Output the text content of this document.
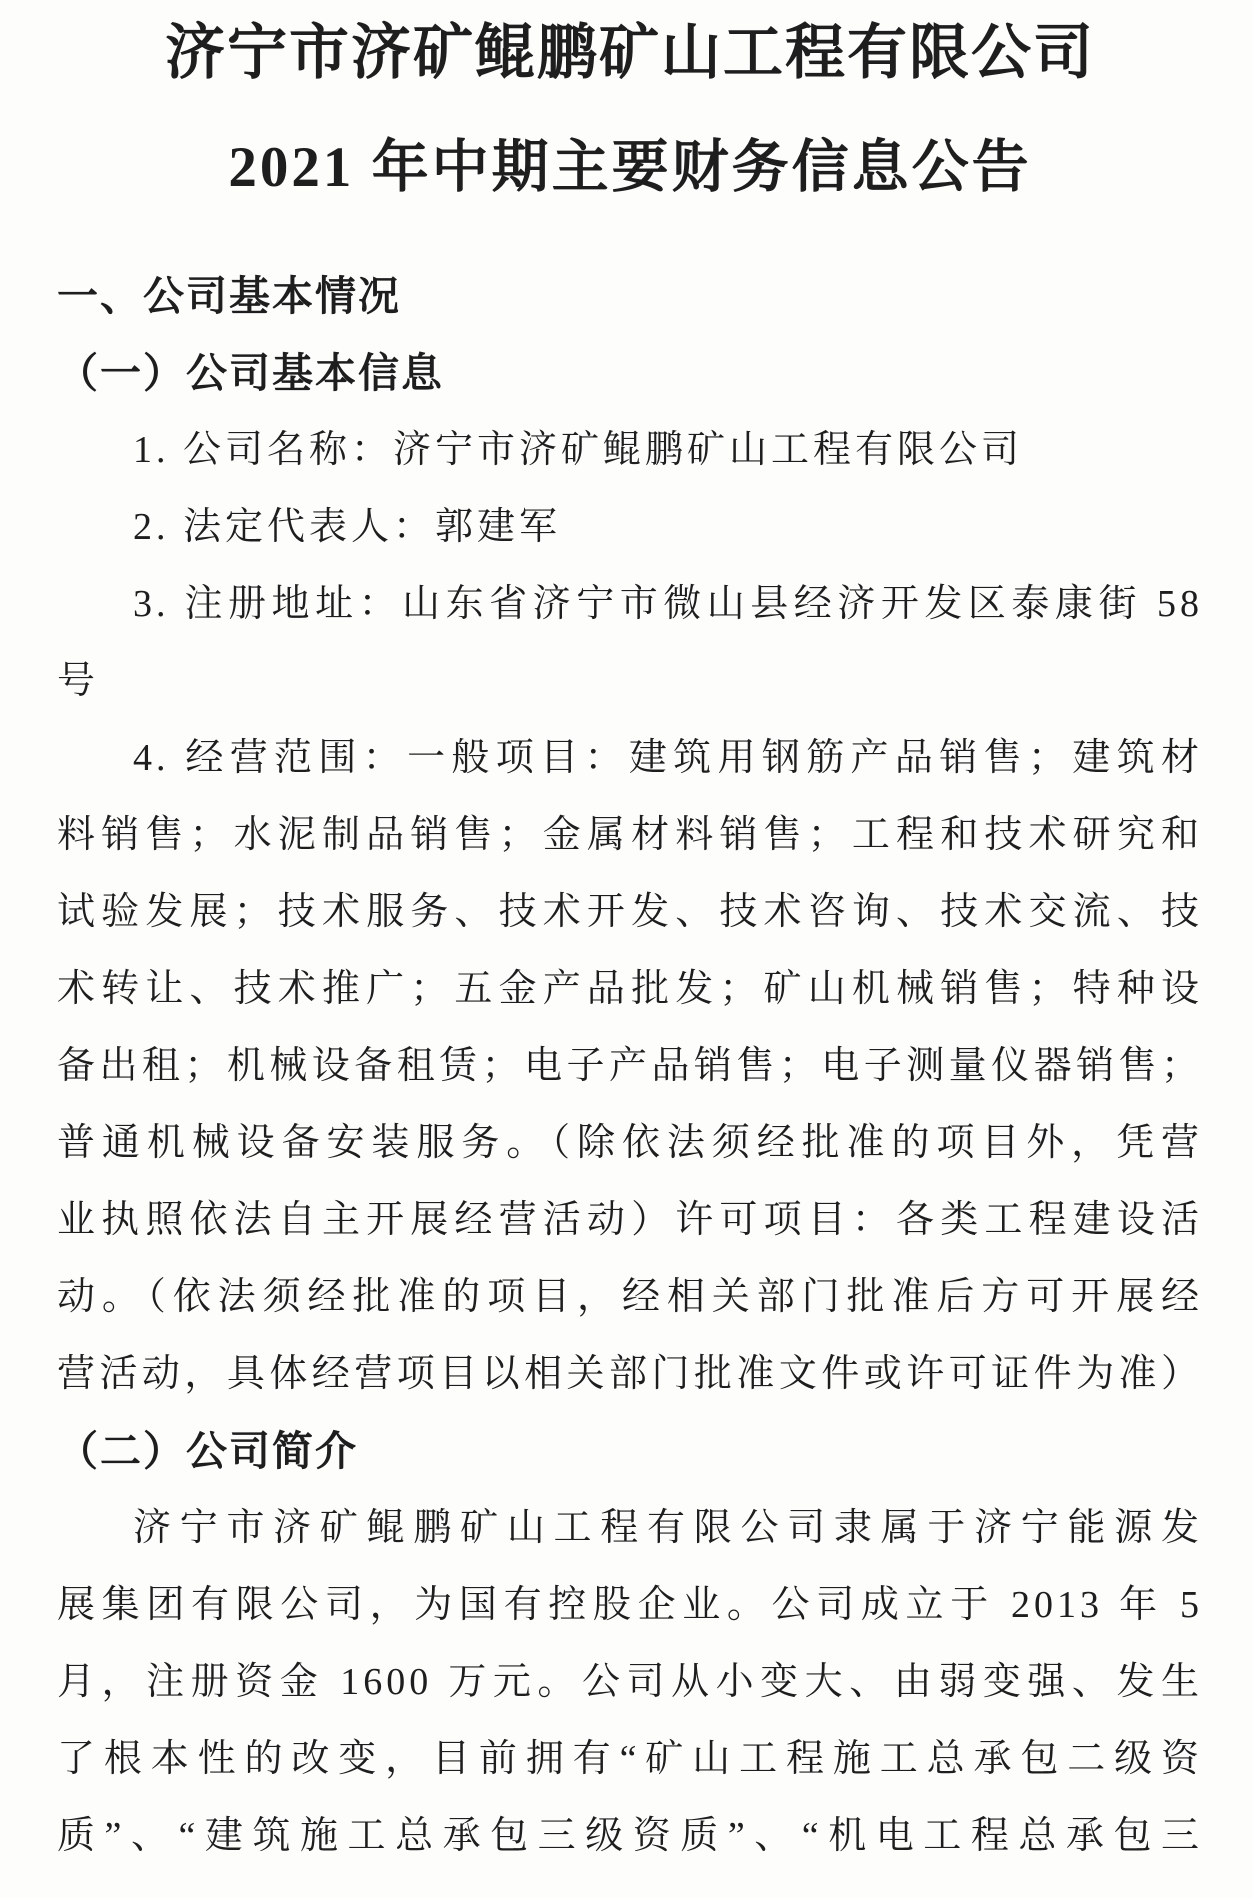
济宁市济矿鲲鹏矿山工程有限公司
2021 年中期主要财务信息公告
一、公司基本情况
（一）公司基本信息
1. 公司名称：济宁市济矿鲲鹏矿山工程有限公司
2. 法定代表人：郭建军
3. 注册地址：山东省济宁市微山县经济开发区泰康街 58
号
4. 经营范围：一般项目：建筑用钢筋产品销售；建筑材
料销售；水泥制品销售；金属材料销售；工程和技术研究和
试验发展；技术服务、技术开发、技术咨询、技术交流、技
术转让、技术推广；五金产品批发；矿山机械销售；特种设
备出租；机械设备租赁；电子产品销售；电子测量仪器销售；
普通机械设备安装服务。（除依法须经批准的项目外，凭营
业执照依法自主开展经营活动）许可项目：各类工程建设活
动。（依法须经批准的项目，经相关部门批准后方可开展经
营活动，具体经营项目以相关部门批准文件或许可证件为准）
（二）公司简介
济宁市济矿鲲鹏矿山工程有限公司隶属于济宁能源发
展集团有限公司，为国有控股企业。公司成立于 2013 年 5
月，注册资金 1600 万元。公司从小变大、由弱变强、发生
了根本性的改变，目前拥有“矿山工程施工总承包二级资
质”、“建筑施工总承包三级资质”、“机电工程总承包三
